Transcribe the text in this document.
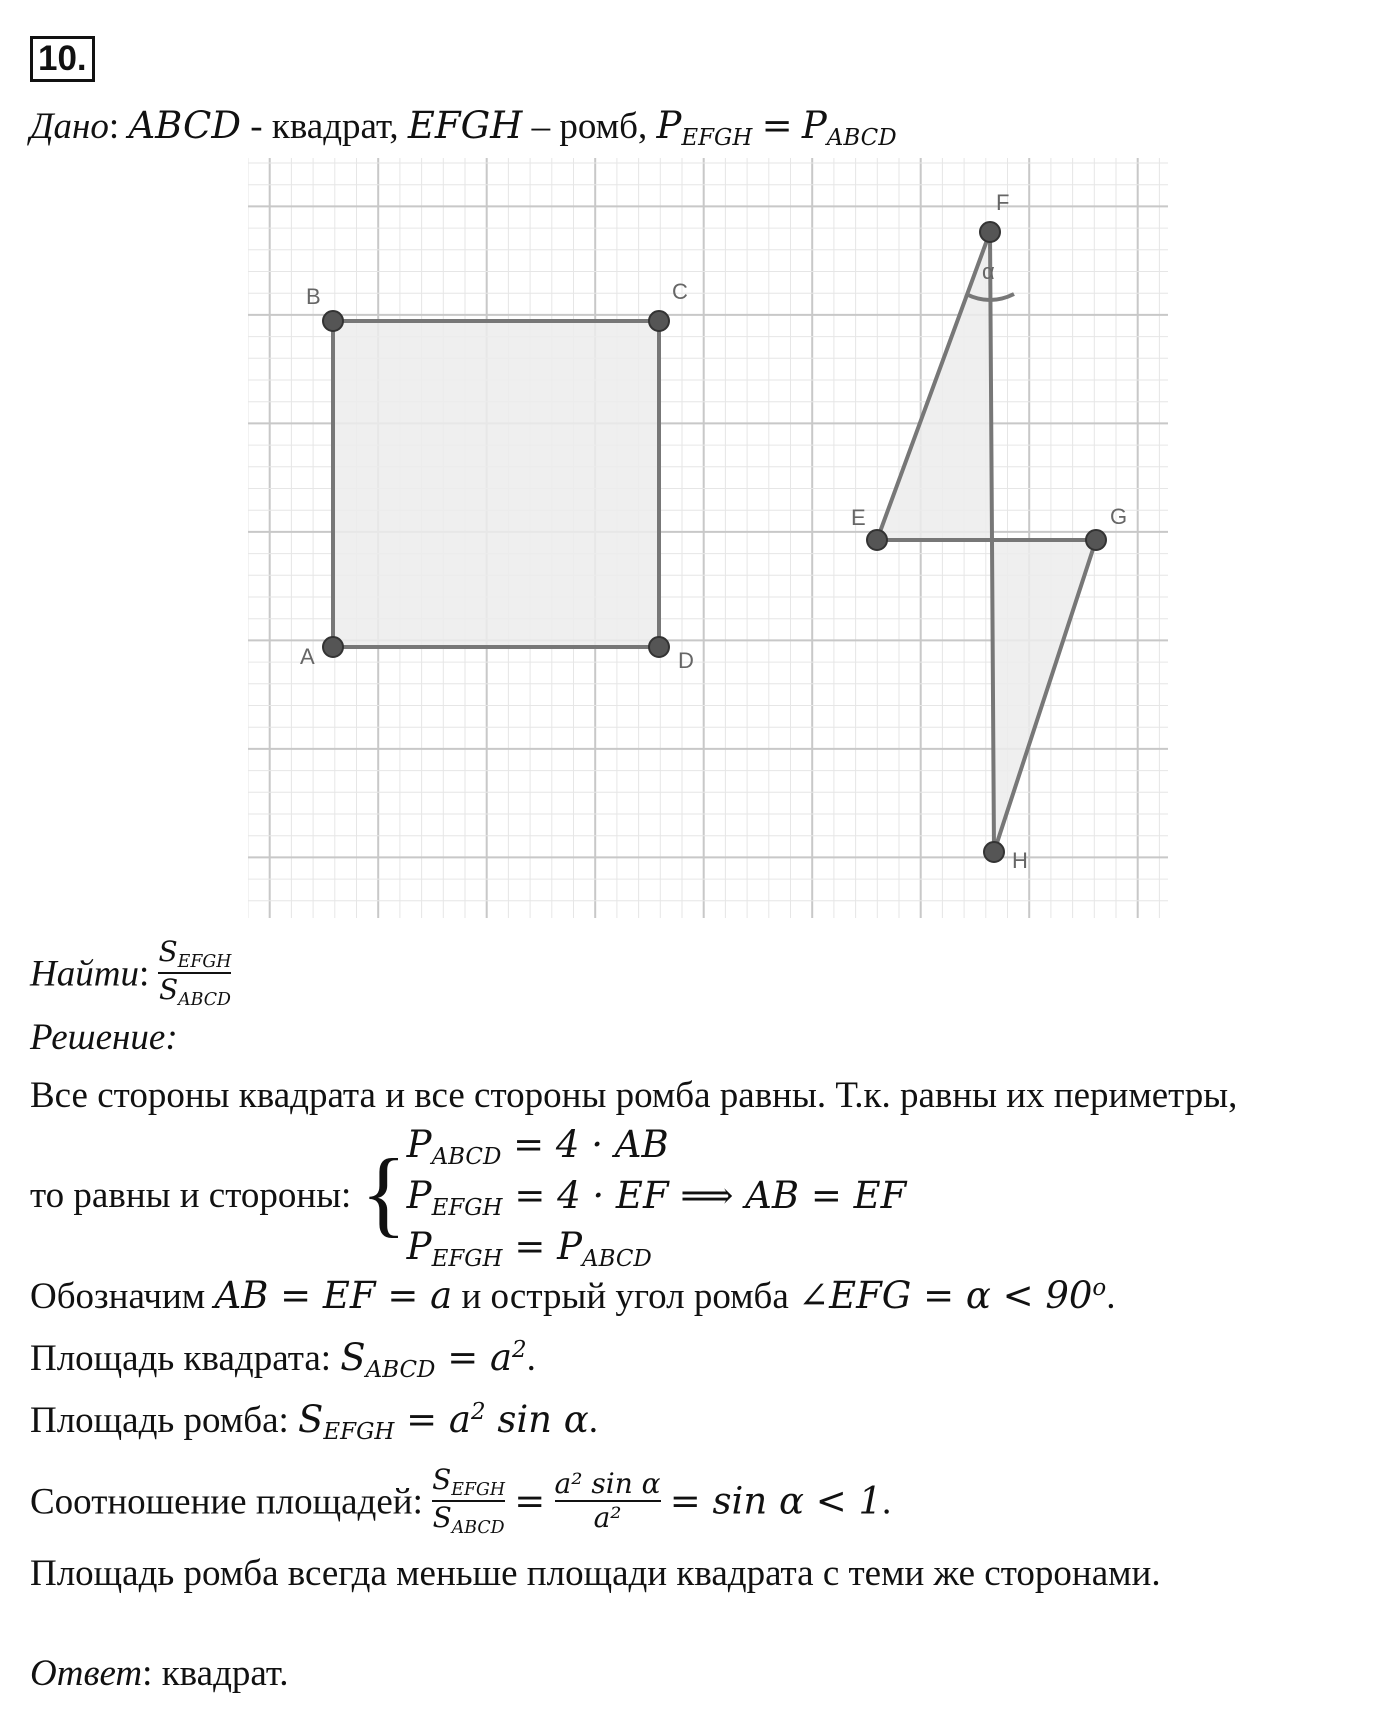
10.
Дано: ABCD - квадрат, EFGH – ромб, PEFGH = PABCD
α
B	C
A	D
F
E	G
H
Найти: $\frac{\text{SEFGH}}{\text{SABCD}}$
Решение:
Все стороны квадрата и все стороны ромба равны. Т.к. равны их периметры,
то равны и стороны: { PABCD = 4 · AB
PEFGH = 4 · EF ⟹ AB = EF
PEFGH = PABCD
Обозначим AB = EF = a и острый угол ромба ∠EFG = $\alpha < 90^o$.
Площадь квадрата: SABCD = $a^2$.
Площадь ромба: SEFGH = $a^2$ sin α.
Соотношение площадей: $\frac{\text{SEFGH}}{\text{SABCD}} = \frac{\text{a² sin α}}{\text{a²}} = \sin \alpha < 1$.
Площадь ромба всегда меньше площади квадрата с теми же сторонами.
Ответ: квадрат.
